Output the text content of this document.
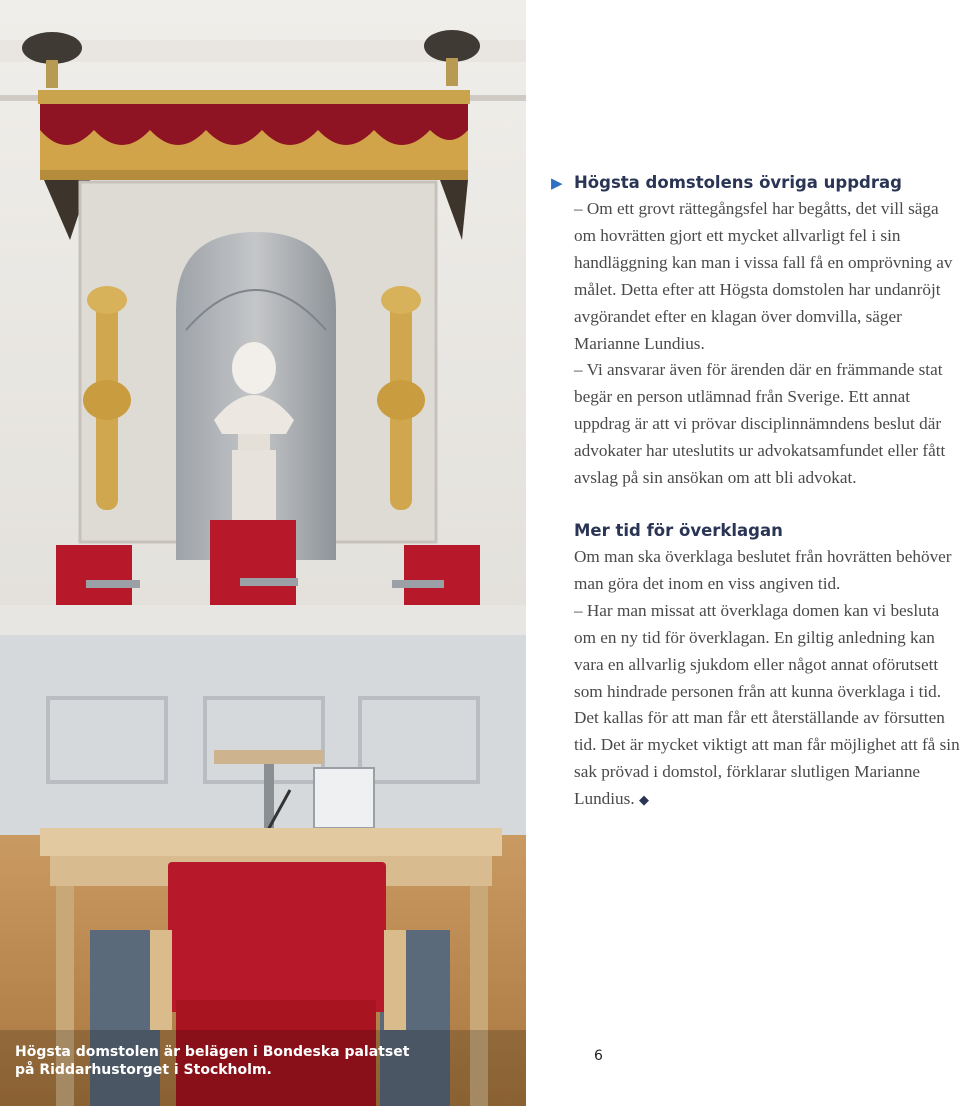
Högsta domstolen är belägen i Bondeska palatset
på Riddarhustorget i Stockholm.
▶ Högsta domstolens övriga uppdrag

– Om ett grovt rättegångsfel har begåtts, det vill säga om hovrätten gjort ett mycket allvarligt fel i sin handläggning kan man i vissa fall få en omprövning av målet. Detta efter att Högsta domstolen har undanröjt avgörandet efter en klagan över domvilla, säger Marianne Lundius.

– Vi ansvarar även för ärenden där en främmande stat begär en person utlämnad från Sverige. Ett annat uppdrag är att vi prövar disciplinnämndens beslut där advokater har uteslutits ur advokatsamfundet eller fått avslag på sin ansökan om att bli advokat.

Mer tid för överklagan

Om man ska överklaga beslutet från hovrätten behöver man göra det inom en viss angiven tid.

– Har man missat att överklaga domen kan vi besluta om en ny tid för överklagan. En giltig anledning kan vara en allvarlig sjukdom eller något annat oförutsett som hindrade personen från att kunna överklaga i tid. Det kallas för att man får ett återställande av försutten tid. Det är mycket viktigt att man får möjlighet att få sin sak prövad i domstol, förklarar slutligen Marianne Lundius. ◆

6
